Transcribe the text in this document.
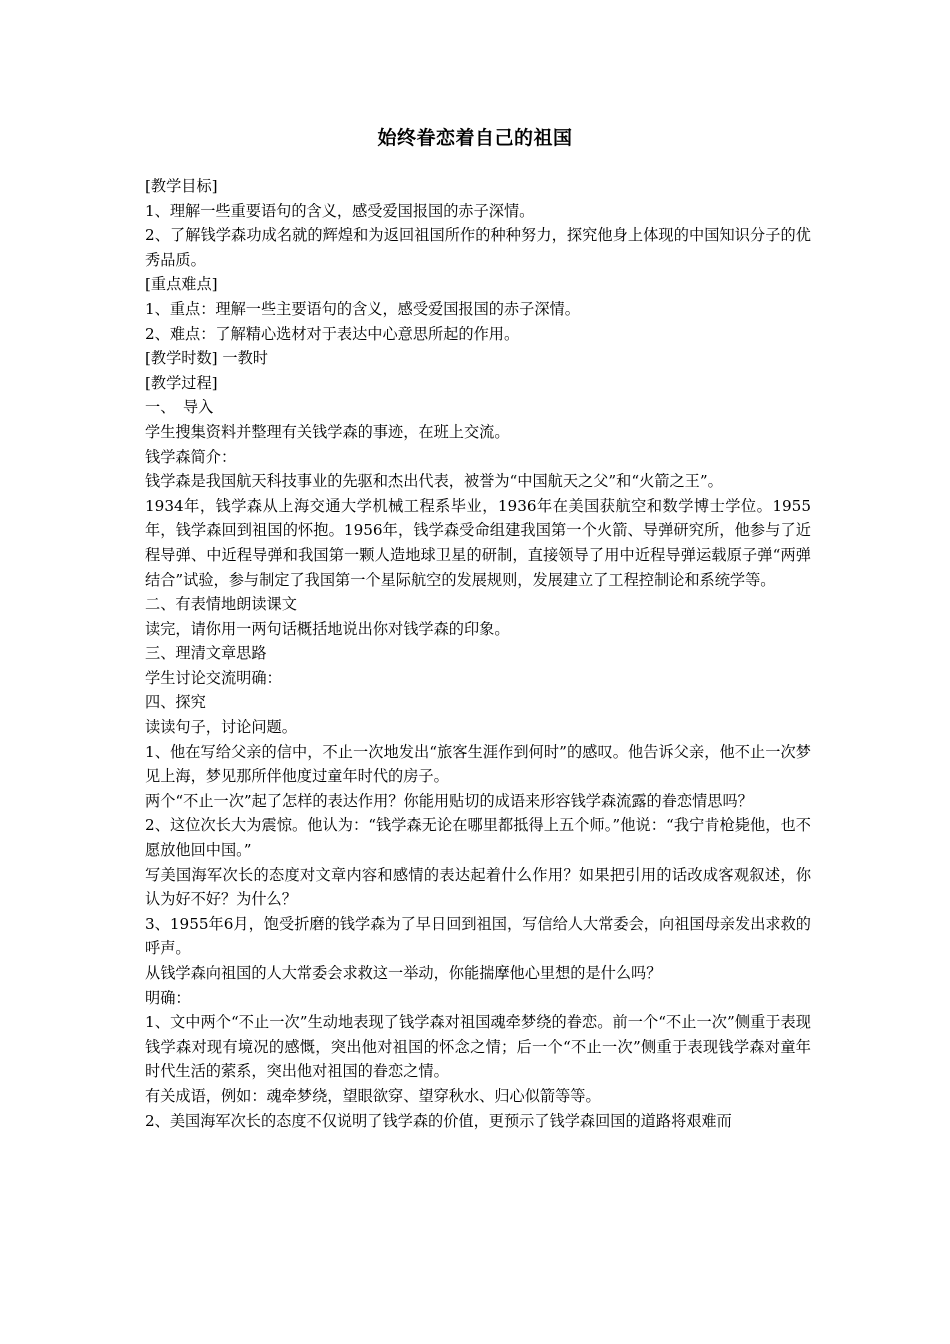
始终眷恋着自己的祖国

[教学目标]

1、理解一些重要语句的含义，感受爱国报国的赤子深情。

2、了解钱学森功成名就的辉煌和为返回祖国所作的种种努力，探究他身上体现的中国知识分子的优秀品质。

[重点难点]

1、重点：理解一些主要语句的含义，感受爱国报国的赤子深情。

2、难点：了解精心选材对于表达中心意思所起的作用。

[教学时数] 一教时

[教学过程]

一、　导入

学生搜集资料并整理有关钱学森的事迹，在班上交流。

钱学森简介：

钱学森是我国航天科技事业的先驱和杰出代表，被誉为“中国航天之父”和“火箭之王”。

1934年，钱学森从上海交通大学机械工程系毕业，1936年在美国获航空和数学博士学位。1955年，钱学森回到祖国的怀抱。1956年，钱学森受命组建我国第一个火箭、导弹研究所，他参与了近程导弹、中近程导弹和我国第一颗人造地球卫星的研制，直接领导了用中近程导弹运载原子弹“两弹结合”试验，参与制定了我国第一个星际航空的发展规则，发展建立了工程控制论和系统学等。

二、有表情地朗读课文

读完，请你用一两句话概括地说出你对钱学森的印象。

三、理清文章思路

学生讨论交流明确：

四、探究

读读句子，讨论问题。

1、他在写给父亲的信中，不止一次地发出“旅客生涯作到何时”的感叹。他告诉父亲，他不止一次梦见上海，梦见那所伴他度过童年时代的房子。

两个“不止一次”起了怎样的表达作用？你能用贴切的成语来形容钱学森流露的眷恋情思吗？

2、这位次长大为震惊。他认为：“钱学森无论在哪里都抵得上五个师。”他说：“我宁肯枪毙他，也不愿放他回中国。”

写美国海军次长的态度对文章内容和感情的表达起着什么作用？如果把引用的话改成客观叙述，你认为好不好？为什么？

3、1955年6月，饱受折磨的钱学森为了早日回到祖国，写信给人大常委会，向祖国母亲发出求救的呼声。

从钱学森向祖国的人大常委会求救这一举动，你能揣摩他心里想的是什么吗？

明确：

1、文中两个“不止一次”生动地表现了钱学森对祖国魂牵梦绕的眷恋。前一个“不止一次”侧重于表现钱学森对现有境况的感慨，突出他对祖国的怀念之情；后一个“不止一次”侧重于表现钱学森对童年时代生活的萦系，突出他对祖国的眷恋之情。

有关成语，例如：魂牵梦绕，望眼欲穿、望穿秋水、归心似箭等等。

2、美国海军次长的态度不仅说明了钱学森的价值，更预示了钱学森回国的道路将艰难而
